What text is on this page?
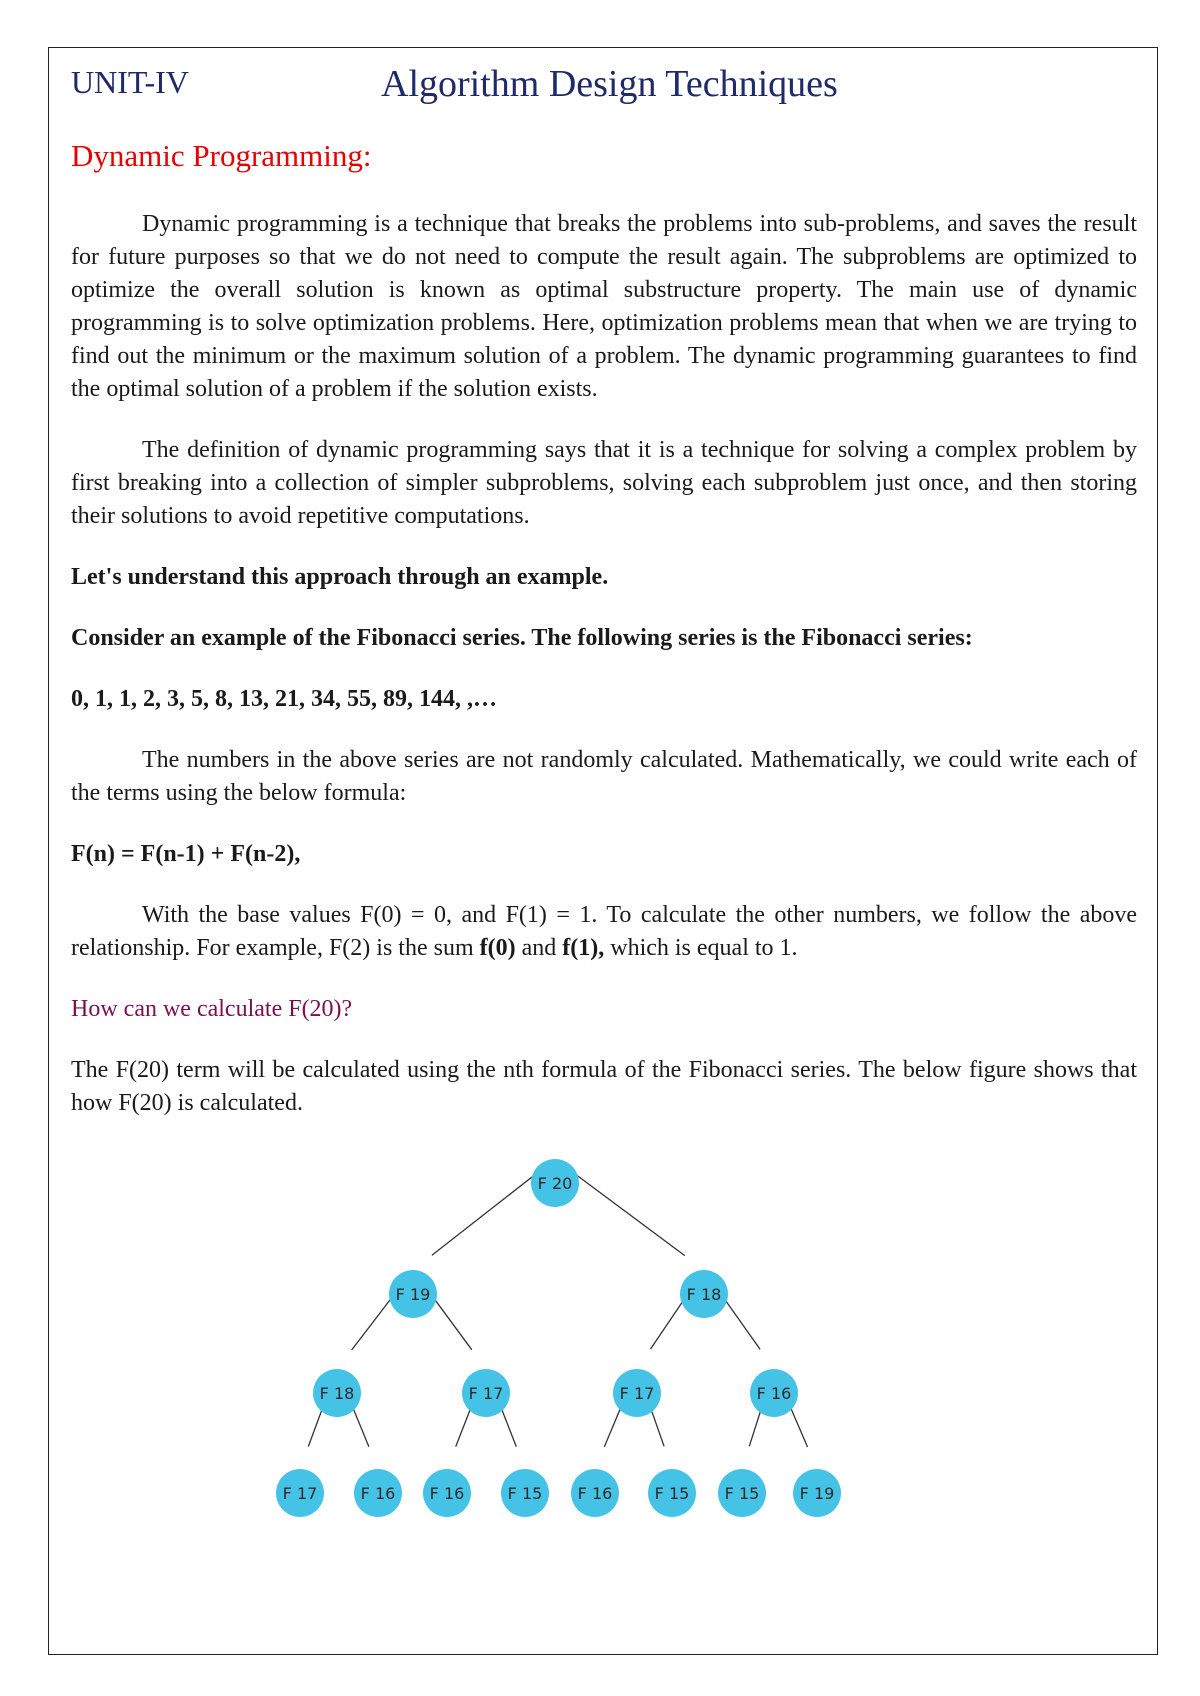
UNIT-IV	Algorithm Design Techniques
Dynamic Programming:

Dynamic programming is a technique that breaks the problems into sub-problems, and saves the result for future purposes so that we do not need to compute the result again. The subproblems are optimized to optimize the overall solution is known as optimal substructure property. The main use of dynamic programming is to solve optimization problems. Here, optimization problems mean that when we are trying to find out the minimum or the maximum solution of a problem. The dynamic programming guarantees to find the optimal solution of a problem if the solution exists.

The definition of dynamic programming says that it is a technique for solving a complex problem by first breaking into a collection of simpler subproblems, solving each subproblem just once, and then storing their solutions to avoid repetitive computations.

Let's understand this approach through an example.

Consider an example of the Fibonacci series. The following series is the Fibonacci series:

0, 1, 1, 2, 3, 5, 8, 13, 21, 34, 55, 89, 144, ,…

The numbers in the above series are not randomly calculated. Mathematically, we could write each of the terms using the below formula:

F(n) = F(n-1) + F(n-2),

With the base values F(0) = 0, and F(1) = 1. To calculate the other numbers, we follow the above relationship. For example, F(2) is the sum f(0) and f(1), which is equal to 1.

How can we calculate F(20)?

The F(20) term will be calculated using the nth formula of the Fibonacci series. The below figure shows that how F(20) is calculated.

F 20
F 19	F 18
F 18	F 17	F 17	F 16
F 17	F 16 F 16	F 15 F 16	F 15 F 15	F 19
